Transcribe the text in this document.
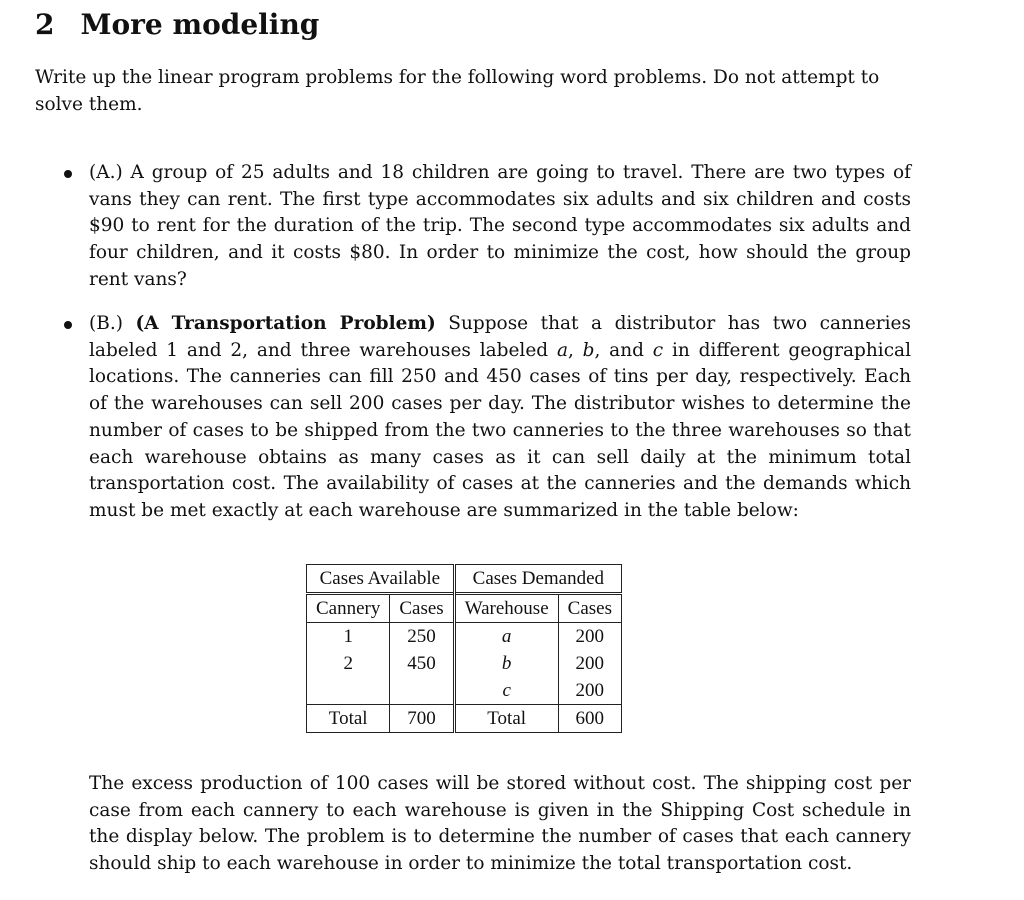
2 More modeling

Write up the linear program problems for the following word problems. Do not attempt to solve them.

(A.) A group of 25 adults and 18 children are going to travel. There are two types of vans they can rent. The first type accommodates six adults and six children and costs $90 to rent for the duration of the trip. The second type accommodates six adults and four children, and it costs $80. In order to minimize the cost, how should the group rent vans?
(B.) (A Transportation Problem) Suppose that a distributor has two canneries labeled 1 and 2, and three warehouses labeled a, b, and c in different geographical locations. The canneries can fill 250 and 450 cases of tins per day, respectively. Each of the warehouses can sell 200 cases per day. The distributor wishes to determine the number of cases to be shipped from the two canneries to the three warehouses so that each warehouse obtains as many cases as it can sell daily at the minimum total transportation cost. The availability of cases at the canneries and the demands which must be met exactly at each warehouse are summarized in the table below:
Cases Available		Cases Demanded	
Cannery	Cases	Warehouse	Cases
1	250	a	200
2	450	b	200
		c	200
Total	700	Total	600

The excess production of 100 cases will be stored without cost. The shipping cost per case from each cannery to each warehouse is given in the Shipping Cost schedule in the display below. The problem is to determine the number of cases that each cannery should ship to each warehouse in order to minimize the total transportation cost.
